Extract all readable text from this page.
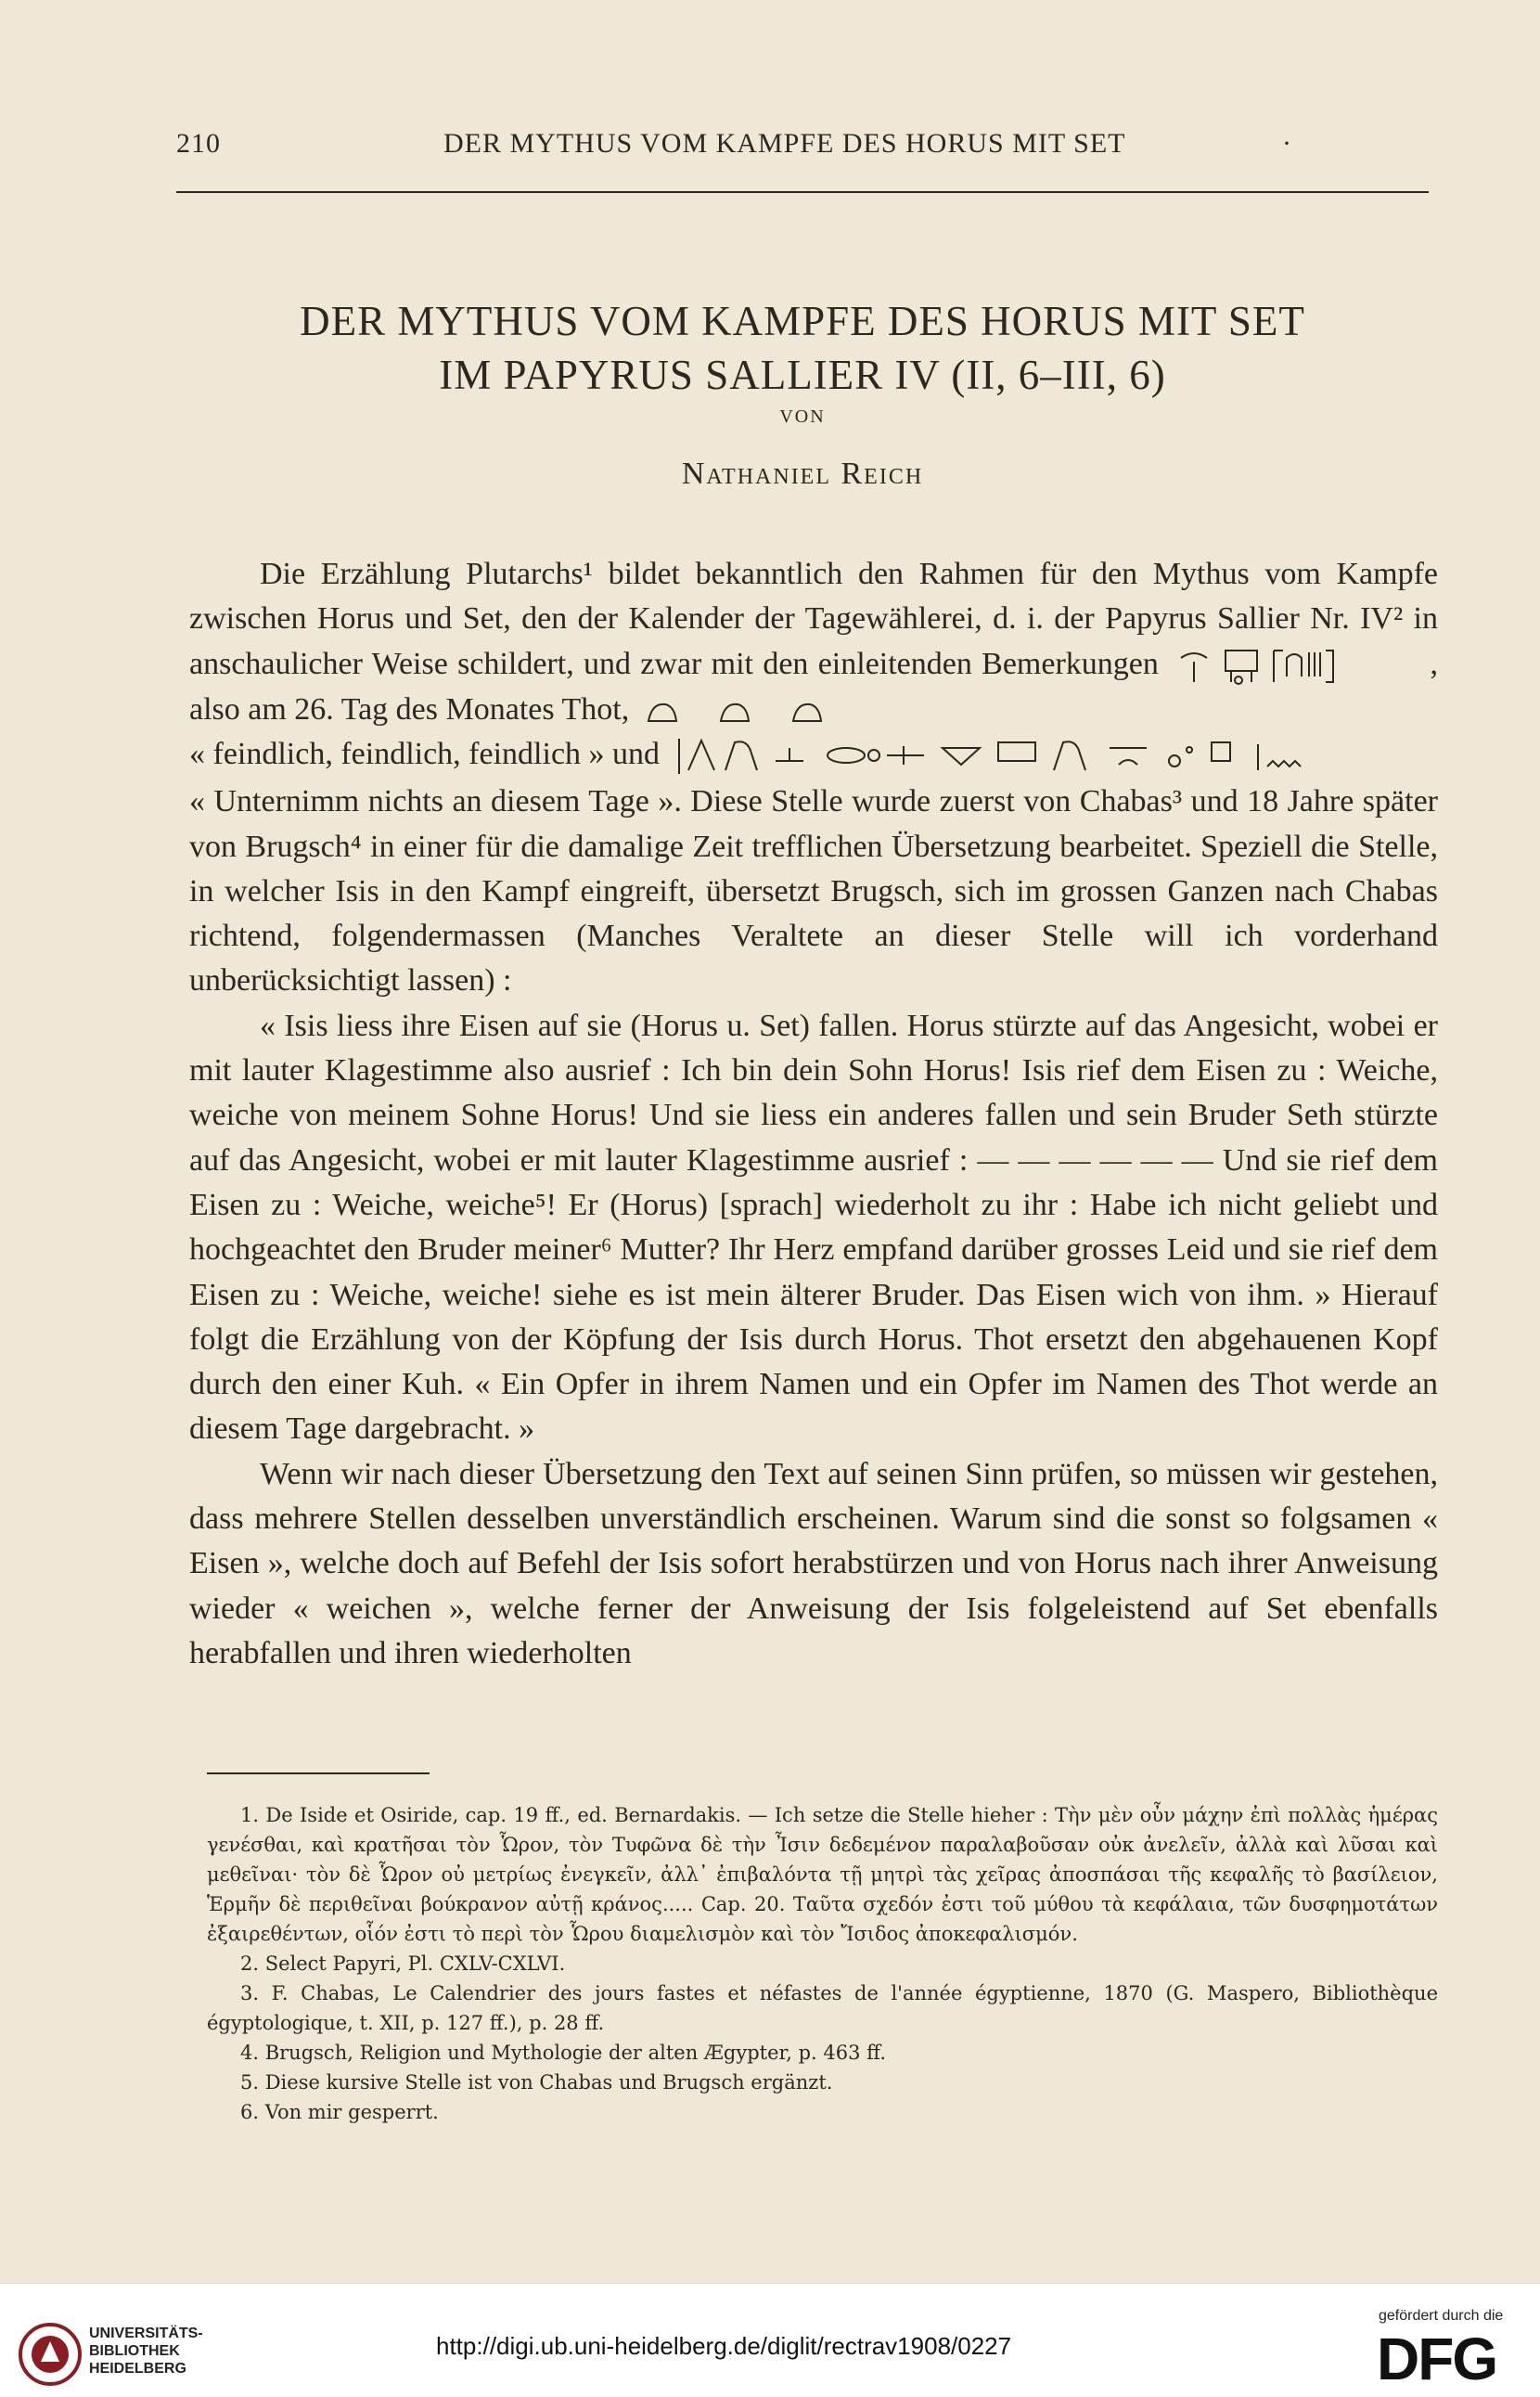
210	DER MYTHUS VOM KAMPFE DES HORUS MIT SET	·
DER MYTHUS VOM KAMPFE DES HORUS MIT SET
IM PAPYRUS SALLIER IV (II, 6–III, 6)
VON
Nathaniel Reich

Die Erzählung Plutarchs¹ bildet bekanntlich den Rahmen für den Mythus vom Kampfe zwischen Horus und Set, den der Kalender der Tagewählerei, d. i. der Papyrus Sallier Nr. IV² in anschaulicher Weise schildert, und zwar mit den einleitenden Bemerkungen	, also am 26. Tag des Monates Thot,

« feindlich, feindlich, feindlich » und

« Unternimm nichts an diesem Tage ». Diese Stelle wurde zuerst von Chabas³ und 18 Jahre später von Brugsch⁴ in einer für die damalige Zeit trefflichen Übersetzung bearbeitet. Speziell die Stelle, in welcher Isis in den Kampf eingreift, übersetzt Brugsch, sich im grossen Ganzen nach Chabas richtend, folgendermassen (Manches Veraltete an dieser Stelle will ich vorderhand unberücksichtigt lassen) :

« Isis liess ihre Eisen auf sie (Horus u. Set) fallen. Horus stürzte auf das Angesicht, wobei er mit lauter Klagestimme also ausrief : Ich bin dein Sohn Horus! Isis rief dem Eisen zu : Weiche, weiche von meinem Sohne Horus! Und sie liess ein anderes fallen und sein Bruder Seth stürzte auf das Angesicht, wobei er mit lauter Klagestimme ausrief : — — — — — — Und sie rief dem Eisen zu : Weiche, weiche⁵! Er (Horus) [sprach] wiederholt zu ihr : Habe ich nicht geliebt und hochgeachtet den Bruder meiner⁶ Mutter? Ihr Herz empfand darüber grosses Leid und sie rief dem Eisen zu : Weiche, weiche! siehe es ist mein älterer Bruder. Das Eisen wich von ihm. » Hierauf folgt die Erzählung von der Köpfung der Isis durch Horus. Thot ersetzt den abgehauenen Kopf durch den einer Kuh. « Ein Opfer in ihrem Namen und ein Opfer im Namen des Thot werde an diesem Tage dargebracht. »

Wenn wir nach dieser Übersetzung den Text auf seinen Sinn prüfen, so müssen wir gestehen, dass mehrere Stellen desselben unverständlich erscheinen. Warum sind die sonst so folgsamen « Eisen », welche doch auf Befehl der Isis sofort herabstürzen und von Horus nach ihrer Anweisung wieder « weichen », welche ferner der Anweisung der Isis folgeleistend auf Set ebenfalls herabfallen und ihren wiederholten

1. De Iside et Osiride, cap. 19 ff., ed. Bernardakis. — Ich setze die Stelle hieher : Τὴν μὲν οὖν μάχην ἐπὶ πολλὰς ἡμέρας γενέσθαι, καὶ κρατῆσαι τὸν Ὧρον, τὸν Τυφῶνα δὲ τὴν Ἶσιν δεδεμένον παραλαβοῦσαν οὐκ ἀνελεῖν, ἀλλὰ καὶ λῦσαι καὶ μεθεῖναι· τὸν δὲ Ὧρον οὐ μετρίως ἐνεγκεῖν, ἀλλ᾽ ἐπιβαλόντα τῇ μητρὶ τὰς χεῖρας ἀποσπάσαι τῆς κεφαλῆς τὸ βασίλειον, Ἑρμῆν δὲ περιθεῖναι βούκρανον αὐτῇ κράνος..... Cap. 20. Ταῦτα σχεδόν ἐστι τοῦ μύθου τὰ κεφάλαια, τῶν δυσφημοτάτων ἐξαιρεθέντων, οἷόν ἐστι τὸ περὶ τὸν Ὧρου διαμελισμὸν καὶ τὸν Ἴσιδος ἀποκεφαλισμόν.

2. Select Papyri, Pl. CXLV-CXLVI.

3. F. Chabas, Le Calendrier des jours fastes et néfastes de l'année égyptienne, 1870 (G. Maspero, Bibliothèque égyptologique, t. XII, p. 127 ff.), p. 28 ff.

4. Brugsch, Religion und Mythologie der alten Ægypter, p. 463 ff.

5. Diese kursive Stelle ist von Chabas und Brugsch ergänzt.

6. Von mir gesperrt.

UNIVERSITÄTS-
BIBLIOTHEK
HEIDELBERG
http://digi.ub.uni-heidelberg.de/diglit/rectrav1908/0227
gefördert durch die
DFG
